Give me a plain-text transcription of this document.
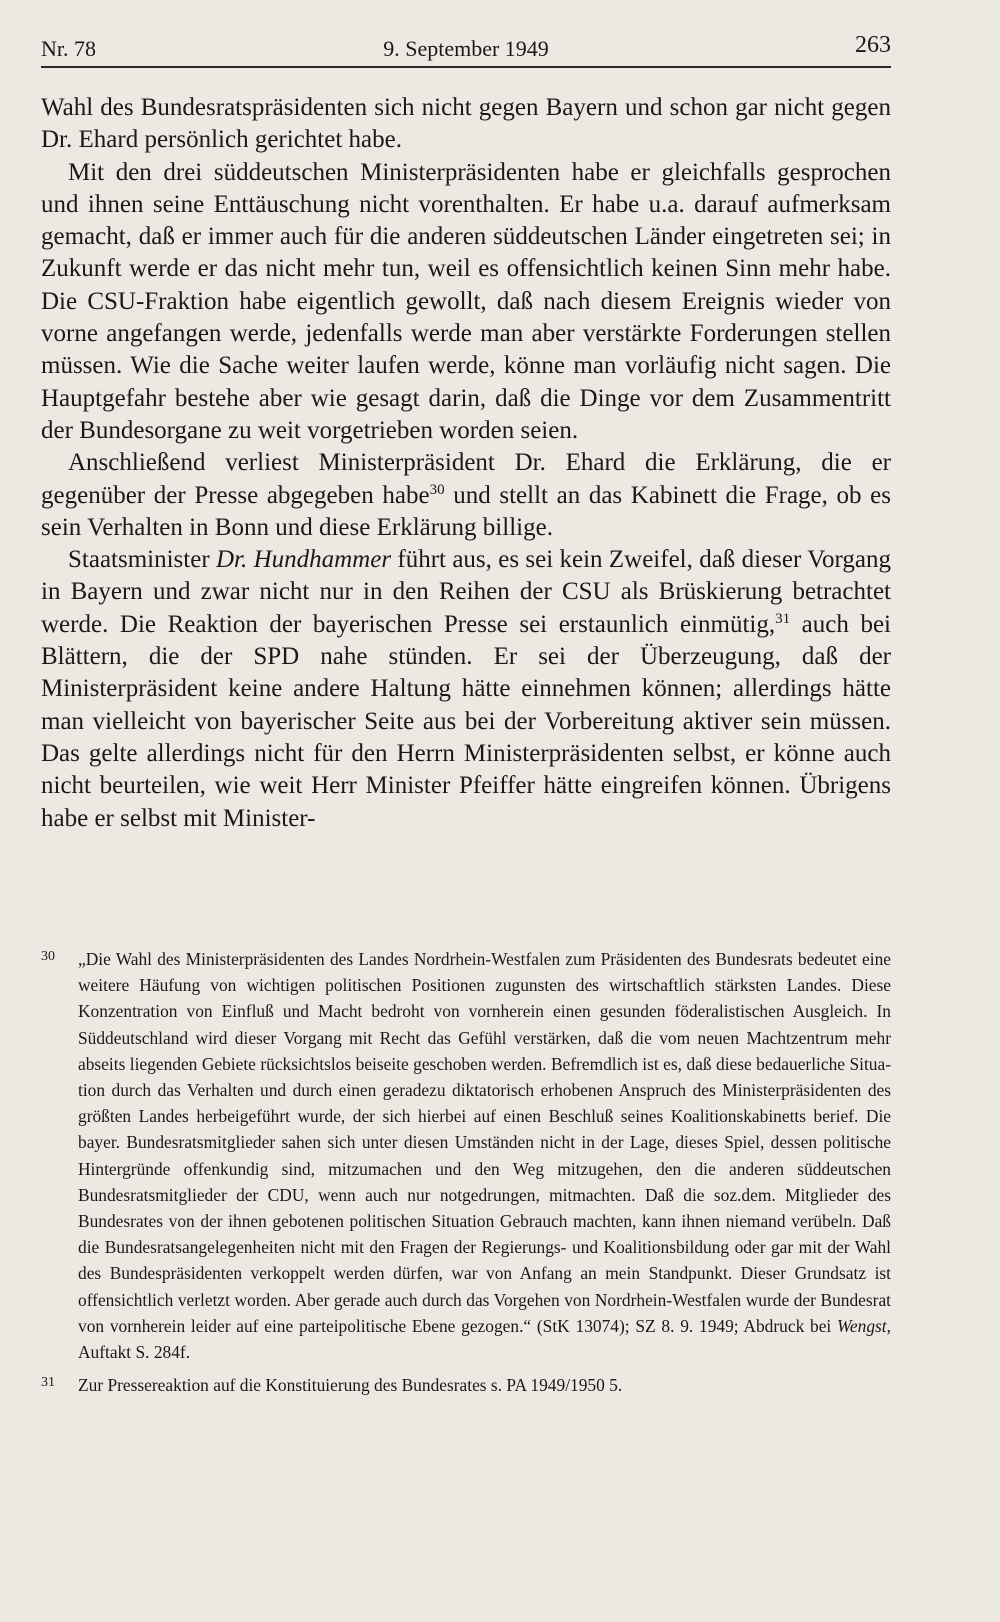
Nr. 78	9. September 1949	263

Wahl des Bundesratspräsidenten sich nicht gegen Bayern und schon gar nicht gegen Dr. Ehard persönlich gerichtet habe.

Mit den drei süddeutschen Ministerpräsidenten habe er gleichfalls gesprochen und ihnen seine Enttäuschung nicht vorenthalten. Er habe u.a. darauf aufmerksam gemacht, daß er immer auch für die anderen süddeutschen Länder eingetreten sei; in Zukunft werde er das nicht mehr tun, weil es offensichtlich keinen Sinn mehr habe. Die CSU-Fraktion habe eigentlich gewollt, daß nach diesem Ereignis wieder von vorne angefangen werde, jedenfalls werde man aber verstärkte Forderungen stellen müssen. Wie die Sache weiter laufen werde, könne man vorläufig nicht sagen. Die Hauptgefahr bestehe aber wie gesagt darin, daß die Dinge vor dem Zusammentritt der Bundesorgane zu weit vorgetrieben worden seien.

Anschließend verliest Ministerpräsident Dr. Ehard die Erklärung, die er gegenüber der Presse abgegeben habe$^{30}$ und stellt an das Kabinett die Frage, ob es sein Verhalten in Bonn und diese Erklärung billige.

Staatsminister Dr. Hundhammer führt aus, es sei kein Zweifel, daß dieser Vorgang in Bayern und zwar nicht nur in den Reihen der CSU als Brüskierung betrachtet werde. Die Reaktion der bayerischen Presse sei erstaunlich einmütig,$^{31}$ auch bei Blättern, die der SPD nahe stünden. Er sei der Überzeugung, daß der Ministerpräsident keine andere Haltung hätte einnehmen können; allerdings hätte man vielleicht von bayerischer Seite aus bei der Vorbereitung aktiver sein müssen. Das gelte allerdings nicht für den Herrn Ministerpräsidenten selbst, er könne auch nicht beurteilen, wie weit Herr Minister Pfeiffer hätte eingreifen können. Übrigens habe er selbst mit Minister-

30 „Die Wahl des Ministerpräsidenten des Landes Nordrhein-Westfalen zum Präsidenten des Bundesrats bedeutet eine weitere Häufung von wichtigen politischen Positionen zugunsten des wirtschaftlich stärksten Landes. Diese Konzentration von Einfluß und Macht bedroht von vornherein einen gesunden föderalistischen Ausgleich. In Süddeutschland wird dieser Vorgang mit Recht das Gefühl verstärken, daß die vom neuen Machtzentrum mehr abseits liegenden Gebiete rücksichtslos beiseite geschoben werden. Befremdlich ist es, daß diese bedauerliche Situation durch das Verhalten und durch einen geradezu diktatorisch erhobenen Anspruch des Ministerpräsidenten des größten Landes herbeigeführt wurde, der sich hierbei auf einen Beschluß seines Koalitionskabinetts berief. Die bayer. Bundesratsmitglieder sahen sich unter diesen Umständen nicht in der Lage, dieses Spiel, dessen politische Hintergründe offenkundig sind, mitzumachen und den Weg mitzugehen, den die anderen süddeutschen Bundesratsmitglieder der CDU, wenn auch nur notgedrungen, mitmachten. Daß die soz.dem. Mitglieder des Bundesrates von der ihnen gebotenen politischen Situation Gebrauch machten, kann ihnen niemand verübeln. Daß die Bundesratsangelegenheiten nicht mit den Fragen der Regierungs- und Koalitionsbildung oder gar mit der Wahl des Bundespräsidenten verkoppelt werden dürfen, war von Anfang an mein Standpunkt. Dieser Grundsatz ist offensichtlich verletzt worden. Aber gerade auch durch das Vorgehen von Nordrhein-Westfalen wurde der Bundesrat von vornherein leider auf eine parteipolitische Ebene gezogen.“ (StK 13074); SZ 8. 9. 1949; Abdruck bei Wengst, Auftakt S. 284f.
31 Zur Pressereaktion auf die Konstituierung des Bundesrates s. PA 1949/1950 5.
